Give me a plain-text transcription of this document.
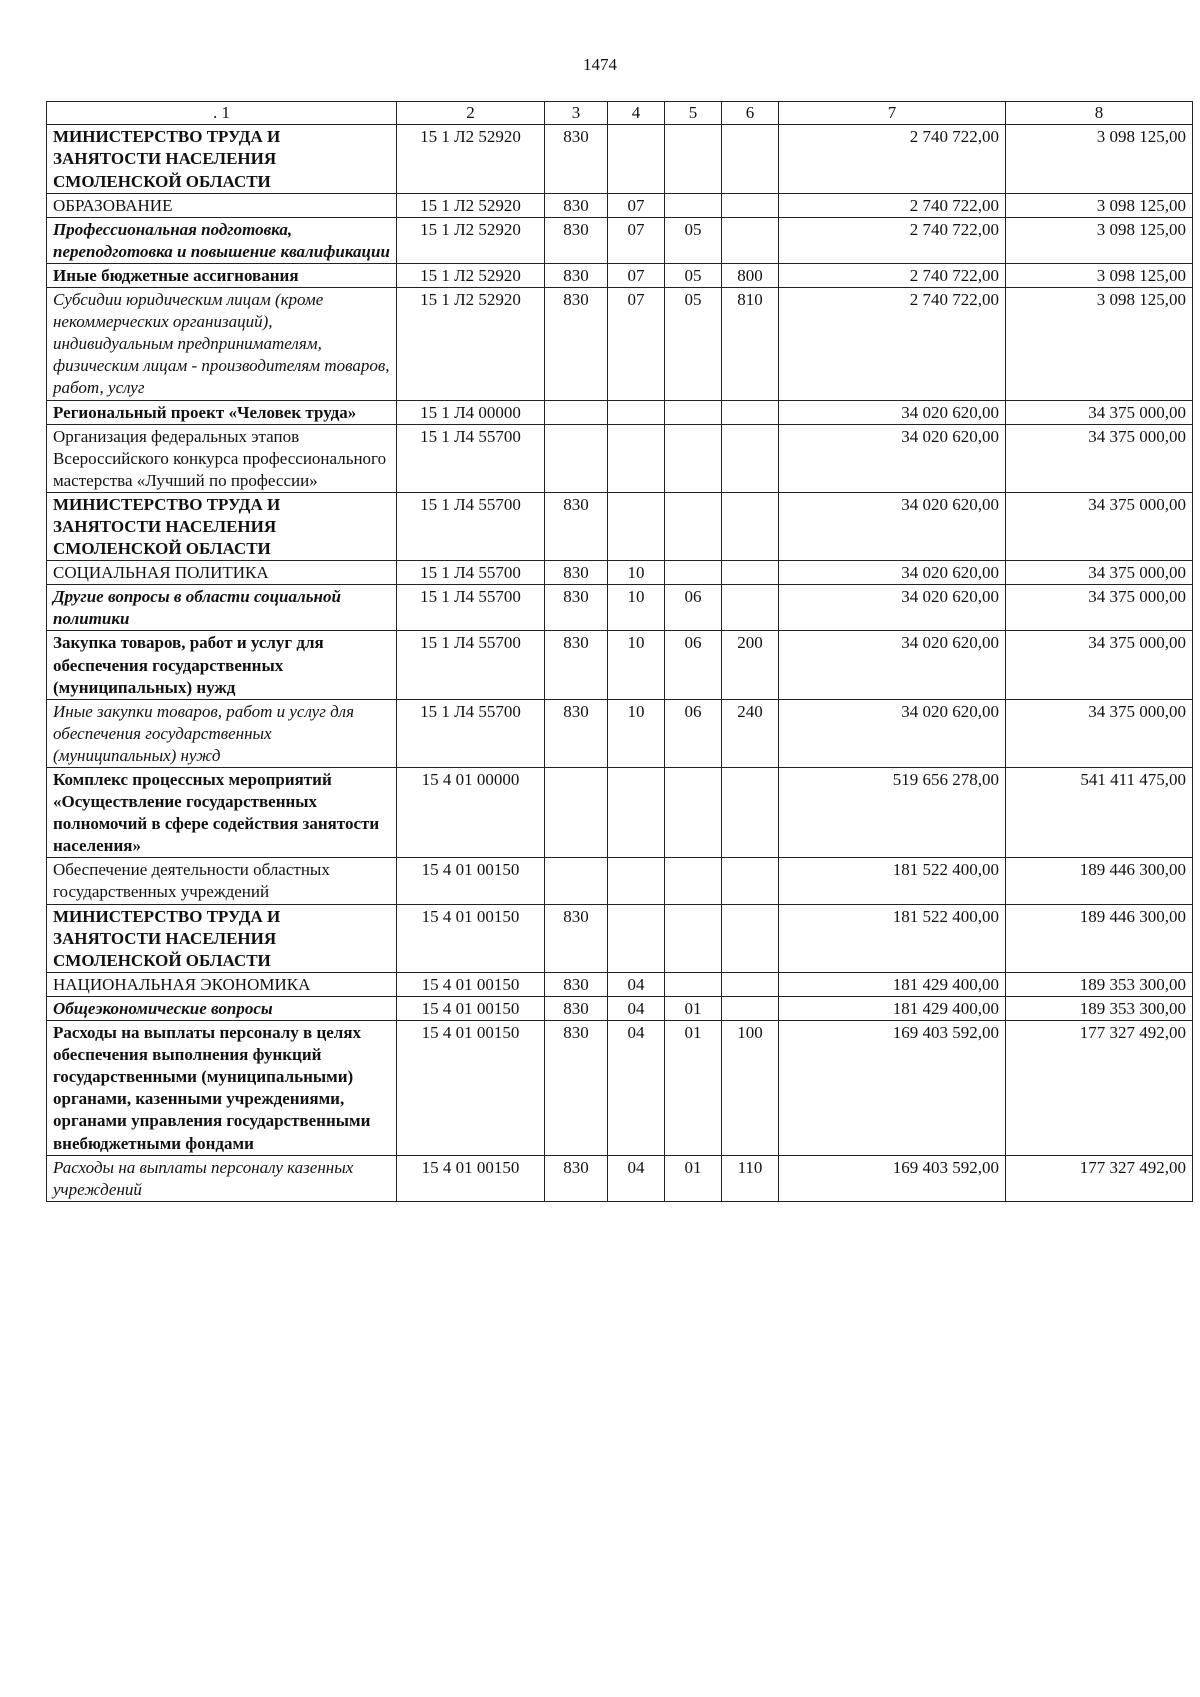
1474
. 1	2	3	4	5	6	7	8
МИНИСТЕРСТВО ТРУДА И ЗАНЯТОСТИ НАСЕЛЕНИЯ СМОЛЕНСКОЙ ОБЛАСТИ	15 1 Л2 52920	830				2 740 722,00	3 098 125,00
ОБРАЗОВАНИЕ	15 1 Л2 52920	830	07			2 740 722,00	3 098 125,00
Профессиональная подготовка, переподготовка и повышение квалификации	15 1 Л2 52920	830	07	05		2 740 722,00	3 098 125,00
Иные бюджетные ассигнования	15 1 Л2 52920	830	07	05	800	2 740 722,00	3 098 125,00
Субсидии юридическим лицам (кроме некоммерческих организаций), индивидуальным предпринимателям, физическим лицам - производителям товаров, работ, услуг	15 1 Л2 52920	830	07	05	810	2 740 722,00	3 098 125,00
Региональный проект «Человек труда»	15 1 Л4 00000					34 020 620,00	34 375 000,00
Организация федеральных этапов Всероссийского конкурса профессионального мастерства «Лучший по профессии»	15 1 Л4 55700					34 020 620,00	34 375 000,00
МИНИСТЕРСТВО ТРУДА И ЗАНЯТОСТИ НАСЕЛЕНИЯ СМОЛЕНСКОЙ ОБЛАСТИ	15 1 Л4 55700	830				34 020 620,00	34 375 000,00
СОЦИАЛЬНАЯ ПОЛИТИКА	15 1 Л4 55700	830	10			34 020 620,00	34 375 000,00
Другие вопросы в области социальной политики	15 1 Л4 55700	830	10	06		34 020 620,00	34 375 000,00
Закупка товаров, работ и услуг для обеспечения государственных (муниципальных) нужд	15 1 Л4 55700	830	10	06	200	34 020 620,00	34 375 000,00
Иные закупки товаров, работ и услуг для обеспечения государственных (муниципальных) нужд	15 1 Л4 55700	830	10	06	240	34 020 620,00	34 375 000,00
Комплекс процессных мероприятий «Осуществление государственных полномочий в сфере содействия занятости населения»	15 4 01 00000					519 656 278,00	541 411 475,00
Обеспечение деятельности областных государственных учреждений	15 4 01 00150					181 522 400,00	189 446 300,00
МИНИСТЕРСТВО ТРУДА И ЗАНЯТОСТИ НАСЕЛЕНИЯ СМОЛЕНСКОЙ ОБЛАСТИ	15 4 01 00150	830				181 522 400,00	189 446 300,00
НАЦИОНАЛЬНАЯ ЭКОНОМИКА	15 4 01 00150	830	04			181 429 400,00	189 353 300,00
Общеэкономические вопросы	15 4 01 00150	830	04	01		181 429 400,00	189 353 300,00
Расходы на выплаты персоналу в целях обеспечения выполнения функций государственными (муниципальными) органами, казенными учреждениями, органами управления государственными внебюджетными фондами	15 4 01 00150	830	04	01	100	169 403 592,00	177 327 492,00
Расходы на выплаты персоналу казенных учреждений	15 4 01 00150	830	04	01	110	169 403 592,00	177 327 492,00
